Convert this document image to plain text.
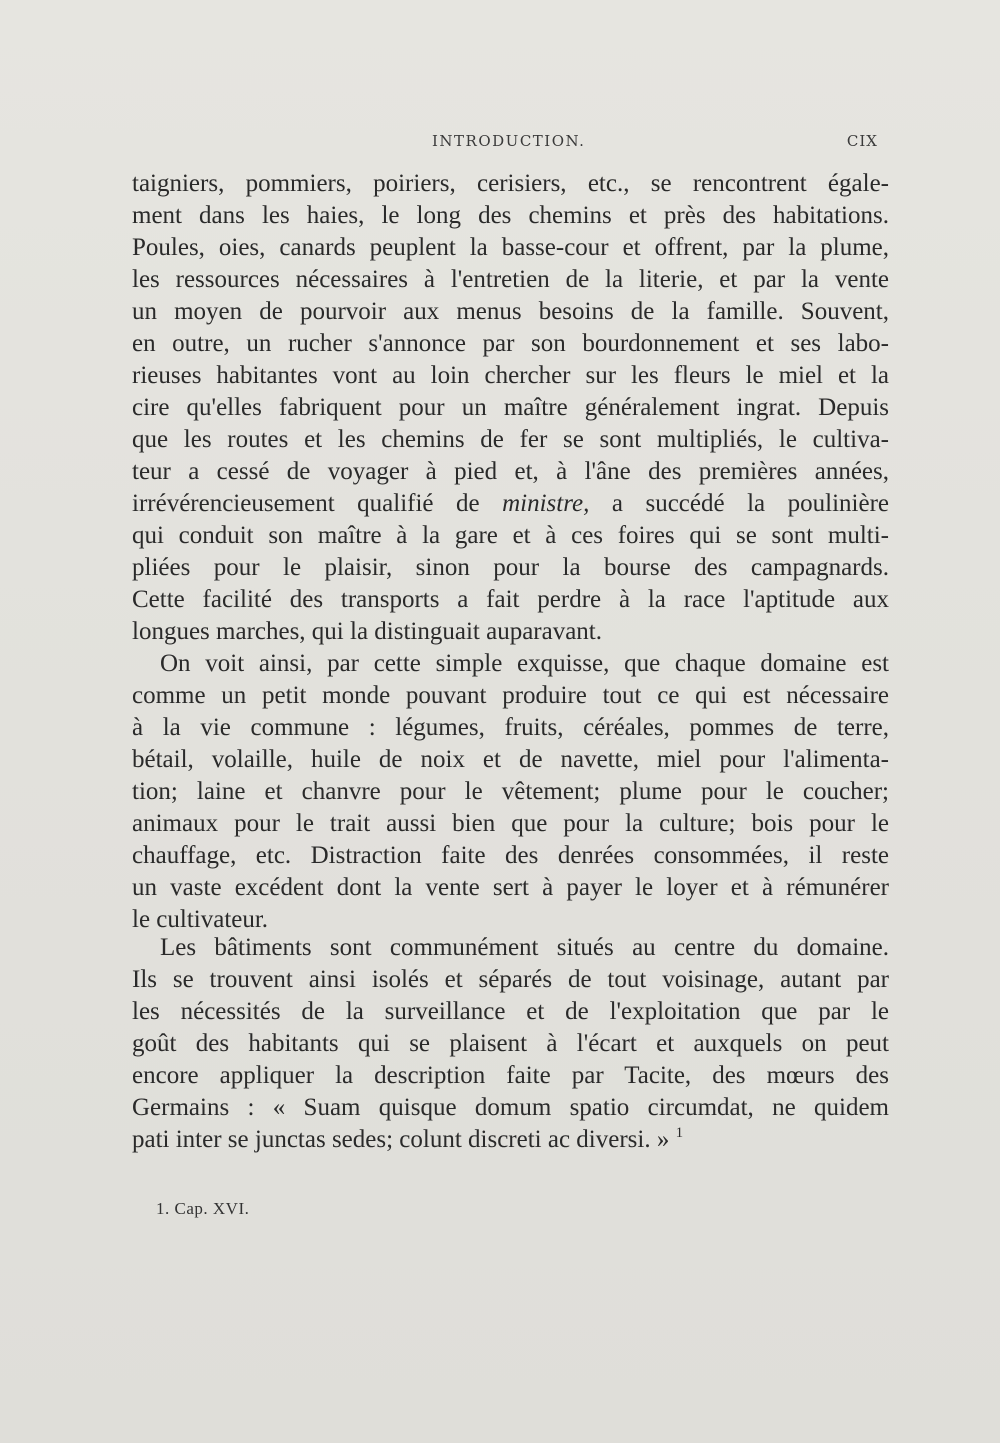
INTRODUCTION.	CIX
taigniers, pommiers, poiriers, cerisiers, etc., se rencontrent égale-
ment dans les haies, le long des chemins et près des habitations.
Poules, oies, canards peuplent la basse-cour et offrent, par la plume,
les ressources nécessaires à l'entretien de la literie, et par la vente
un moyen de pourvoir aux menus besoins de la famille. Souvent,
en outre, un rucher s'annonce par son bourdonnement et ses labo-
rieuses habitantes vont au loin chercher sur les fleurs le miel et la
cire qu'elles fabriquent pour un maître généralement ingrat. Depuis
que les routes et les chemins de fer se sont multipliés, le cultiva-
teur a cessé de voyager à pied et, à l'âne des premières années,
irrévérencieusement qualifié de ministre, a succédé la poulinière
qui conduit son maître à la gare et à ces foires qui se sont multi-
pliées pour le plaisir, sinon pour la bourse des campagnards.
Cette facilité des transports a fait perdre à la race l'aptitude aux
longues marches, qui la distinguait auparavant.
On voit ainsi, par cette simple exquisse, que chaque domaine est
comme un petit monde pouvant produire tout ce qui est nécessaire
à la vie commune : légumes, fruits, céréales, pommes de terre,
bétail, volaille, huile de noix et de navette, miel pour l'alimenta-
tion; laine et chanvre pour le vêtement; plume pour le coucher;
animaux pour le trait aussi bien que pour la culture; bois pour le
chauffage, etc. Distraction faite des denrées consommées, il reste
un vaste excédent dont la vente sert à payer le loyer et à rémunérer
le cultivateur.
Les bâtiments sont communément situés au centre du domaine.
Ils se trouvent ainsi isolés et séparés de tout voisinage, autant par
les nécessités de la surveillance et de l'exploitation que par le
goût des habitants qui se plaisent à l'écart et auxquels on peut
encore appliquer la description faite par Tacite, des mœurs des
Germains : « Suam quisque domum spatio circumdat, ne quidem
pati inter se junctas sedes; colunt discreti ac diversi. » $^1$
1. Cap. XVI.
